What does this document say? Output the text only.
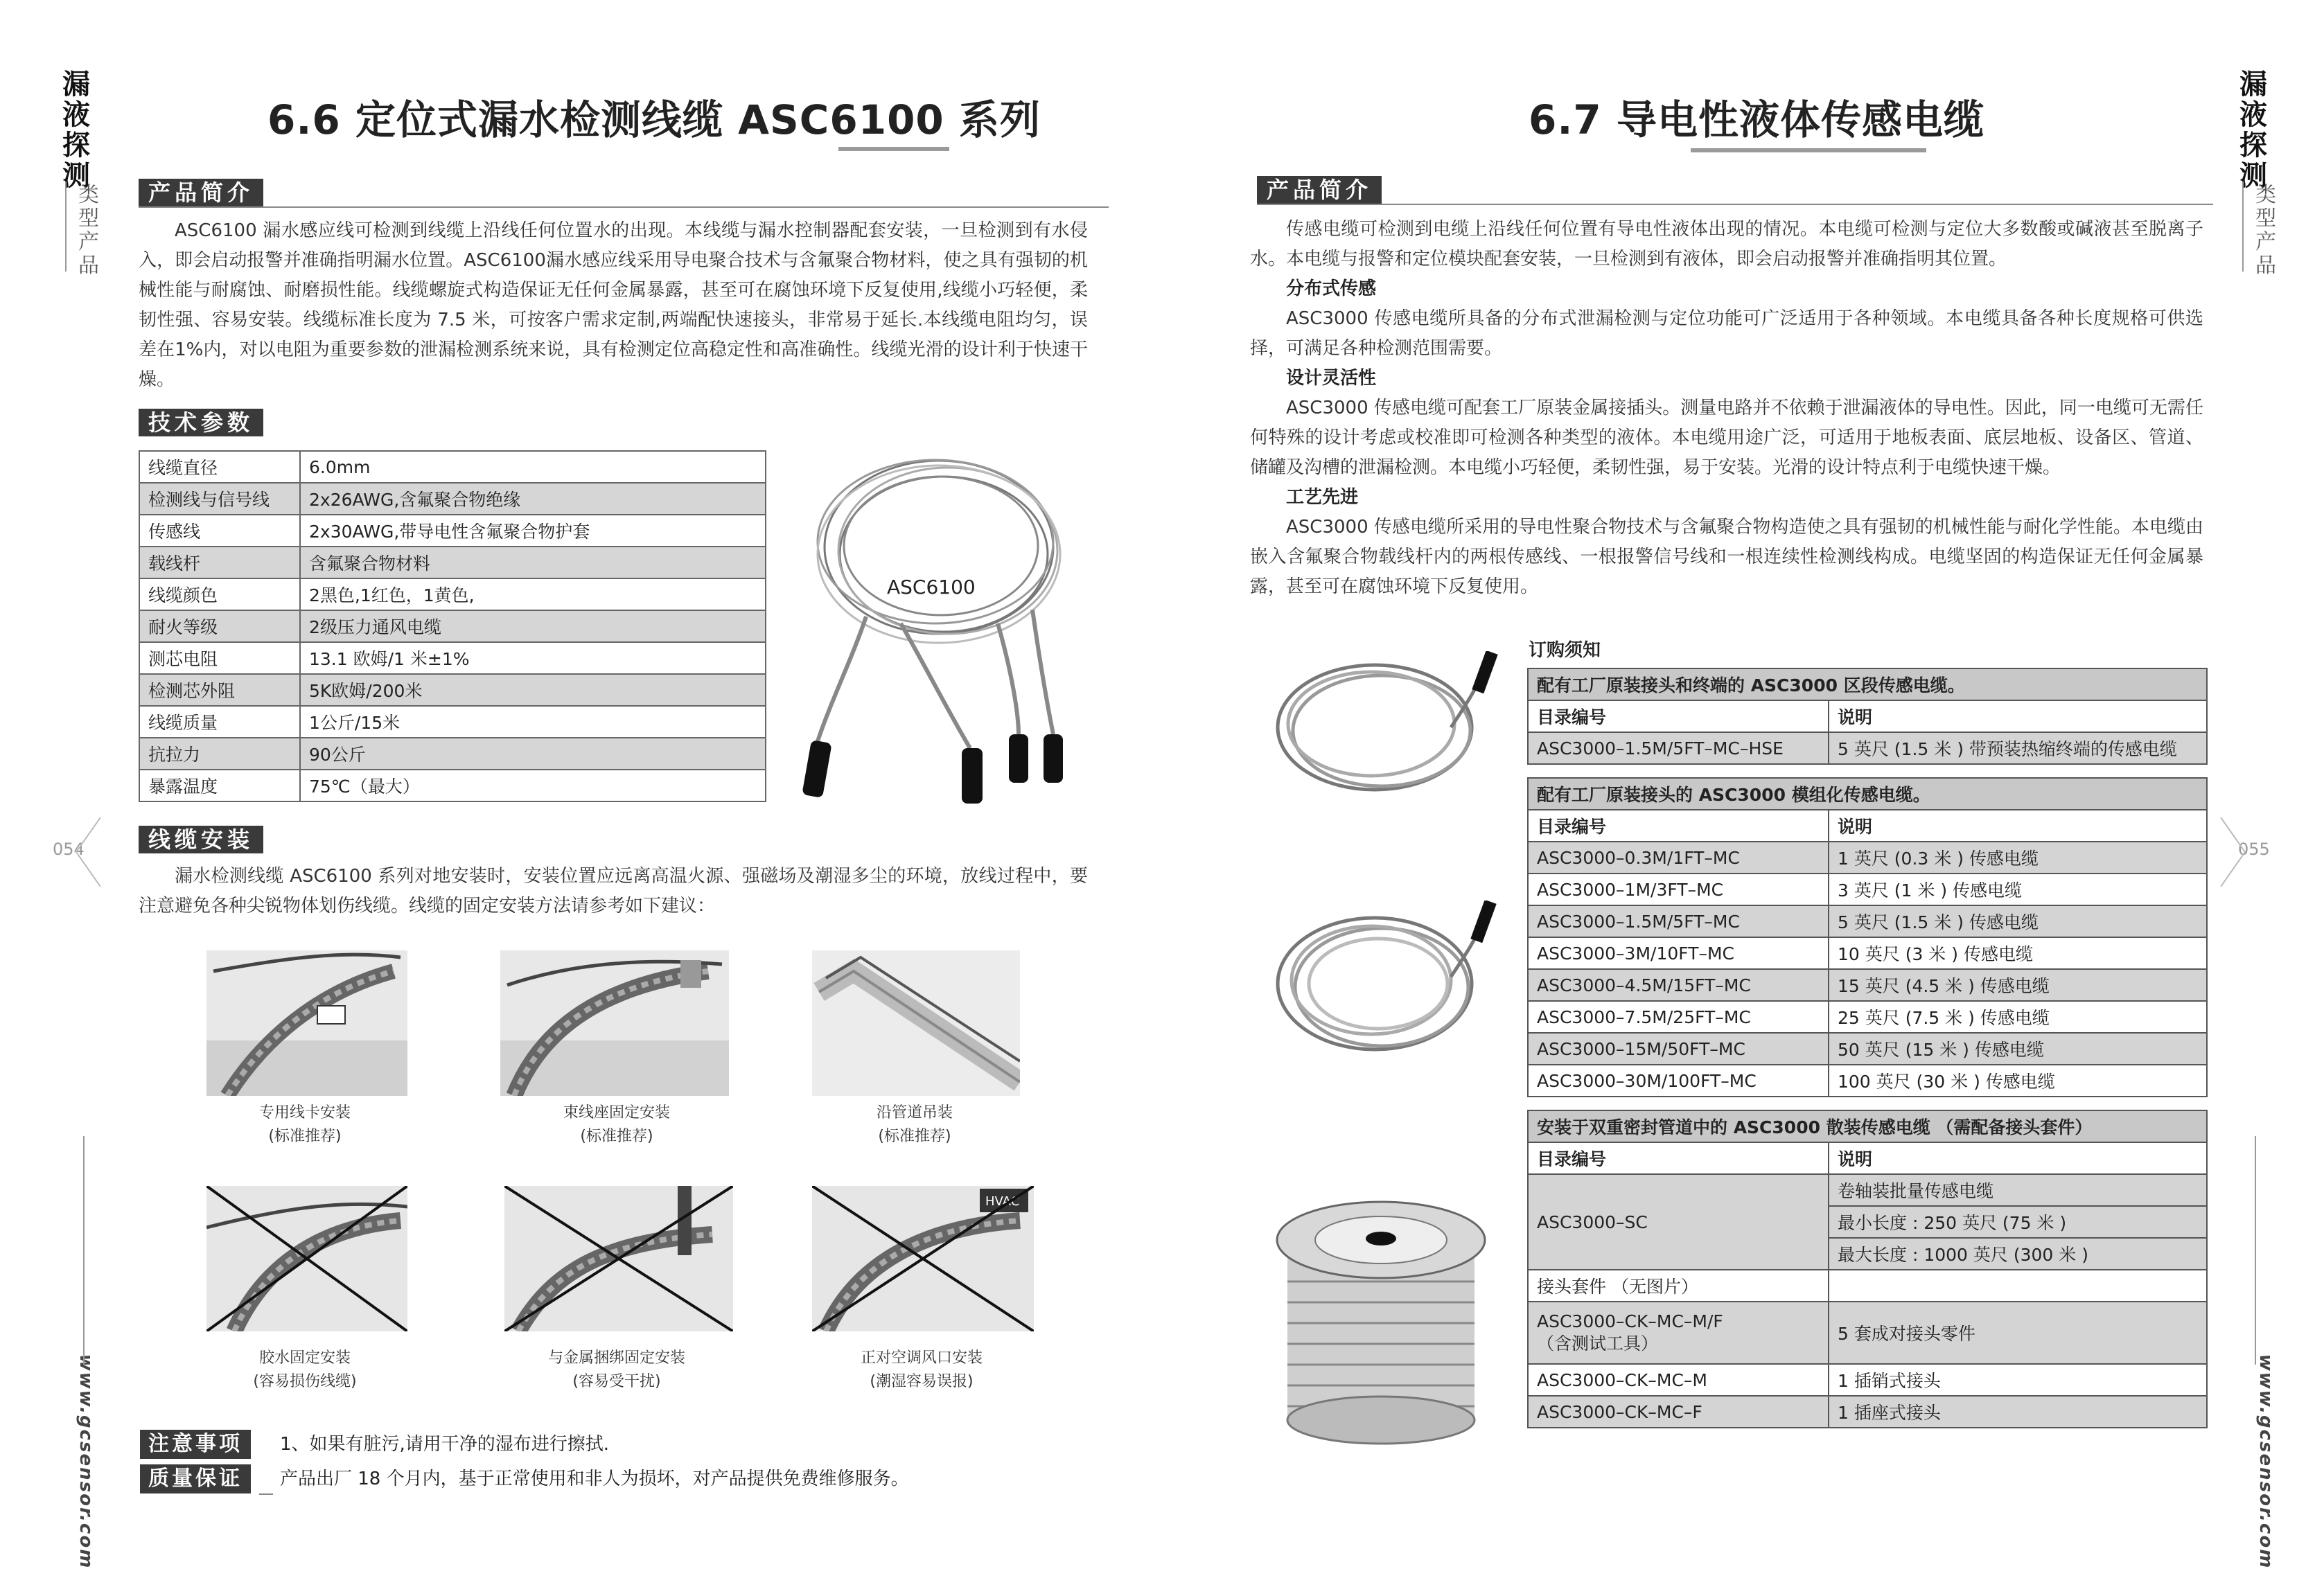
漏液探测
类型产品
www.gcsensor.com
054
漏液探测
类型产品
www.gcsensor.com
055
6.6 定位式漏水检测线缆 ASC6100 系列
产品简介

ASC6100 漏水感应线可检测到线缆上沿线任何位置水的出现。本线缆与漏水控制器配套安装，一旦检测到有水侵入，即会启动报警并准确指明漏水位置。ASC6100漏水感应线采用导电聚合技术与含氟聚合物材料，使之具有强韧的机械性能与耐腐蚀、耐磨损性能。线缆螺旋式构造保证无任何金属暴露，甚至可在腐蚀环境下反复使用,线缆小巧轻便，柔韧性强、容易安装。线缆标准长度为 7.5 米，可按客户需求定制,两端配快速接头，非常易于延长.本线缆电阻均匀，误差在1%内，对以电阻为重要参数的泄漏检测系统来说，具有检测定位高稳定性和高准确性。线缆光滑的设计利于快速干燥。

技术参数
线缆直径	6.0mm
检测线与信号线	2x26AWG,含氟聚合物绝缘
传感线	2x30AWG,带导电性含氟聚合物护套
载线杆	含氟聚合物材料
线缆颜色	2黑色,1红色，1黄色,
耐火等级	2级压力通风电缆
测芯电阻	13.1 欧姆/1 米±1%
检测芯外阻	5K欧姆/200米
线缆质量	1公斤/15米
抗拉力	90公斤
暴露温度	75℃（最大）
ASC6100
线缆安装

漏水检测线缆 ASC6100 系列对地安装时，安装位置应远离高温火源、强磁场及潮湿多尘的环境，放线过程中，要注意避免各种尖锐物体划伤线缆。线缆的固定安装方法请参考如下建议：

专用线卡安装
(标准推荐)
束线座固定安装
(标准推荐)
沿管道吊装
(标准推荐)
HVAC
胶水固定安装
(容易损伤线缆)
与金属捆绑固定安装
(容易受干扰)
正对空调风口安装
(潮湿容易误报)
注意事项	1、如果有脏污,请用干净的湿布进行擦拭.
质量保证	产品出厂 18 个月内，基于正常使用和非人为损坏，对产品提供免费维修服务。
6.7 导电性液体传感电缆
产品简介

传感电缆可检测到电缆上沿线任何位置有导电性液体出现的情况。本电缆可检测与定位大多数酸或碱液甚至脱离子水。本电缆与报警和定位模块配套安装，一旦检测到有液体，即会启动报警并准确指明其位置。

分布式传感

ASC3000 传感电缆所具备的分布式泄漏检测与定位功能可广泛适用于各种领域。本电缆具备各种长度规格可供选择，可满足各种检测范围需要。

设计灵活性

ASC3000 传感电缆可配套工厂原装金属接插头。测量电路并不依赖于泄漏液体的导电性。因此，同一电缆可无需任何特殊的设计考虑或校准即可检测各种类型的液体。本电缆用途广泛，可适用于地板表面、底层地板、设备区、管道、储罐及沟槽的泄漏检测。本电缆小巧轻便，柔韧性强，易于安装。光滑的设计特点利于电缆快速干燥。

工艺先进

ASC3000 传感电缆所采用的导电性聚合物技术与含氟聚合物构造使之具有强韧的机械性能与耐化学性能。本电缆由嵌入含氟聚合物载线杆内的两根传感线、一根报警信号线和一根连续性检测线构成。电缆坚固的构造保证无任何金属暴露，甚至可在腐蚀环境下反复使用。

订购须知
配有工厂原装接头和终端的 ASC3000 区段传感电缆。	
目录编号	说明
ASC3000–1.5M/5FT–MC–HSE	5 英尺 (1.5 米 ) 带预装热缩终端的传感电缆
配有工厂原装接头的 ASC3000 模组化传感电缆。	
目录编号	说明
ASC3000–0.3M/1FT–MC	1 英尺 (0.3 米 ) 传感电缆
ASC3000–1M/3FT–MC	3 英尺 (1 米 ) 传感电缆
ASC3000–1.5M/5FT–MC	5 英尺 (1.5 米 ) 传感电缆
ASC3000–3M/10FT–MC	10 英尺 (3 米 ) 传感电缆
ASC3000–4.5M/15FT–MC	15 英尺 (4.5 米 ) 传感电缆
ASC3000–7.5M/25FT–MC	25 英尺 (7.5 米 ) 传感电缆
ASC3000–15M/50FT–MC	50 英尺 (15 米 ) 传感电缆
ASC3000–30M/100FT–MC	100 英尺 (30 米 ) 传感电缆
安装于双重密封管道中的 ASC3000 散装传感电缆 （需配备接头套件）	
目录编号	说明
ASC3000–SC	卷轴装批量传感电缆
	最小长度 : 250 英尺 (75 米 )
	最大长度 : 1000 英尺 (300 米 )
接头套件 （无图片）	

ASC3000–CK–MC–M/F
（含测试工具）	5 套成对接头零件
ASC3000–CK–MC–M	1 插销式接头
ASC3000–CK–MC–F	1 插座式接头
